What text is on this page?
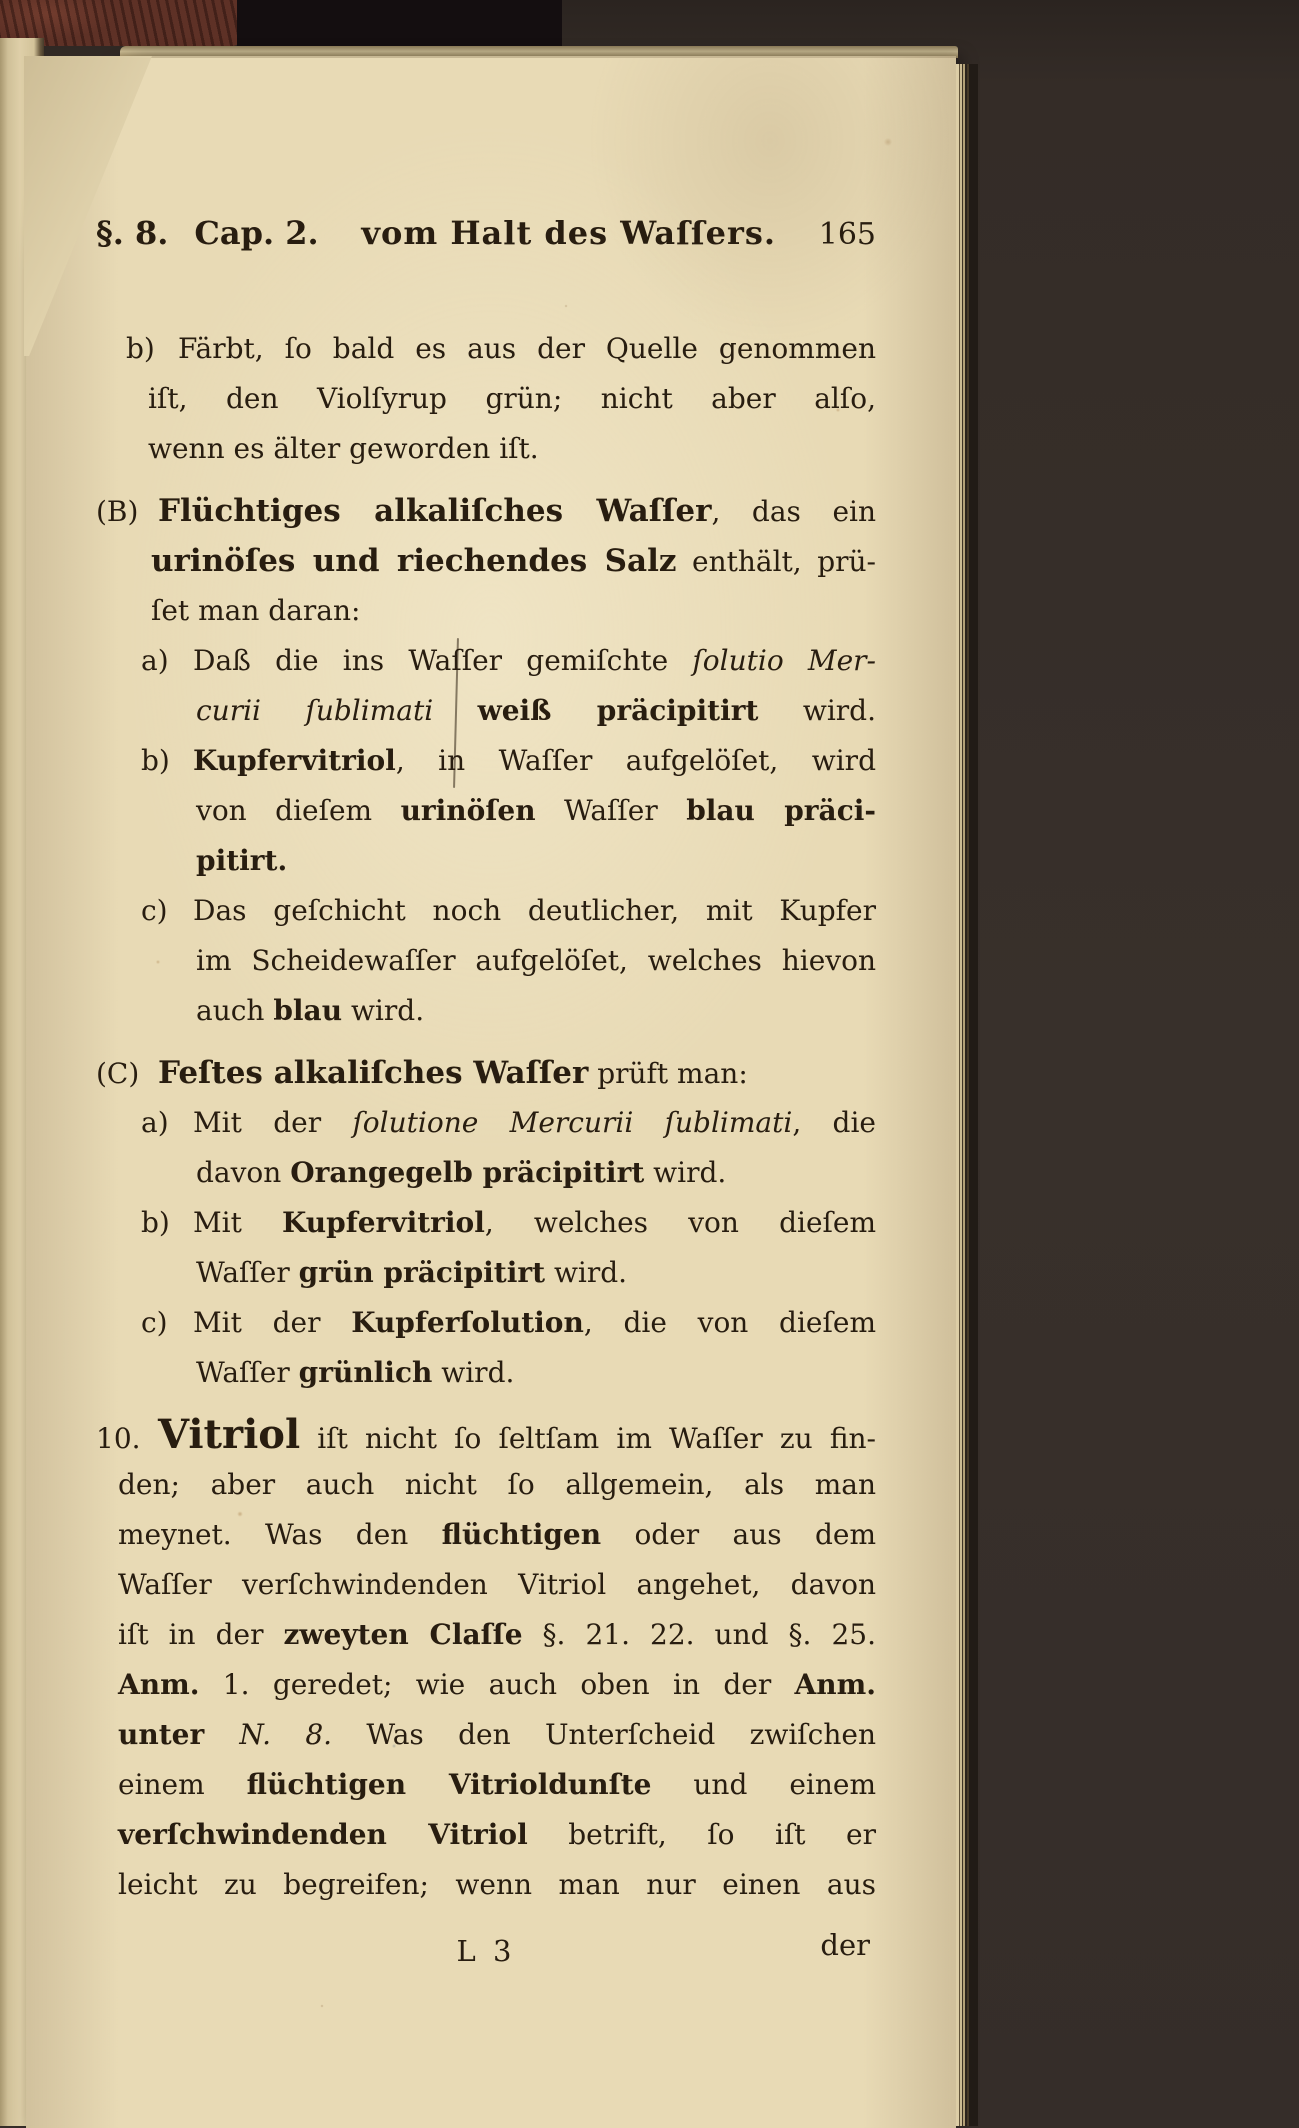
§. 8. Cap. 2.	vom Halt des Waſſers.	165
b) Färbt, ſo bald es aus der Quelle genommen
iſt, den Violſyrup grün; nicht aber alſo,
wenn es älter geworden iſt.
(B) Flüchtiges alkaliſches Waſſer, das ein
urinöſes und riechendes Salz enthält, prü-
ſet man daran:
a) Daß die ins Waſſer gemiſchte ſolutio Mer-
curii ſublimati weiß präcipitirt wird.
b) Kupfervitriol, in Waſſer aufgelöſet, wird
von dieſem urinöſen Waſſer blau präci-
pitirt.
c) Das geſchicht noch deutlicher, mit Kupfer
im Scheidewaſſer aufgelöſet, welches hievon
auch blau wird.
(C) Feſtes alkaliſches Waſſer prüft man:
a) Mit der ſolutione Mercurii ſublimati, die
davon Orangegelb präcipitirt wird.
b) Mit Kupfervitriol, welches von dieſem
Waſſer grün präcipitirt wird.
c) Mit der Kupferſolution, die von dieſem
Waſſer grünlich wird.
10. Vitriol iſt nicht ſo ſeltſam im Waſſer zu fin-
den; aber auch nicht ſo allgemein, als man
meynet. Was den flüchtigen oder aus dem
Waſſer verſchwindenden Vitriol angehet, davon
iſt in der zweyten Claſſe §. 21. 22. und §. 25.
Anm. 1. geredet; wie auch oben in der Anm.
unter N. 8. Was den Unterſcheid zwiſchen
einem flüchtigen Vitrioldunſte und einem
verſchwindenden Vitriol betrift, ſo iſt er
leicht zu begreifen; wenn man nur einen aus
L 3	der
